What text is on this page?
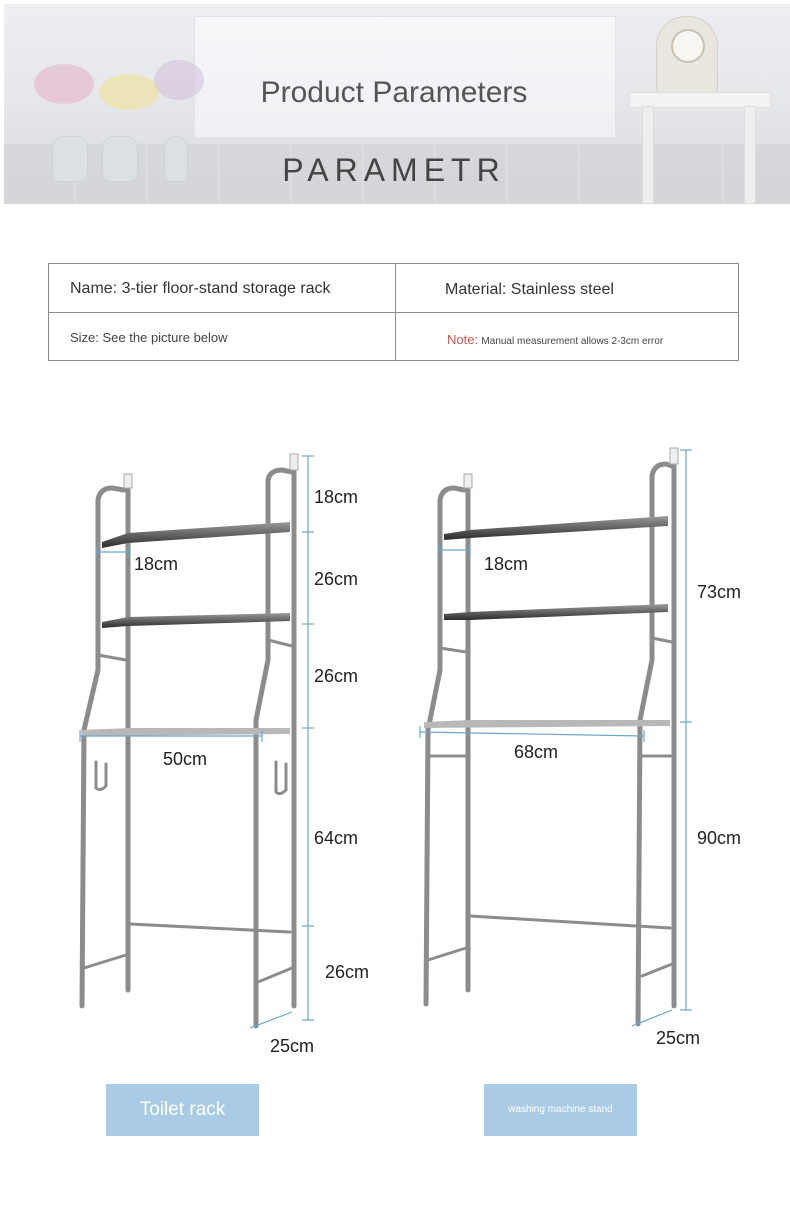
Product Parameters
PARAMETR
Name: 3-tier floor-stand storage rack	Material: Stainless steel
Size: See the picture below	Note: Manual measurement allows 2-3cm error
18cm
18cm
26cm
26cm
50cm
64cm
26cm
25cm
18cm
73cm
68cm
90cm
25cm
Toilet rack	washing machine stand
